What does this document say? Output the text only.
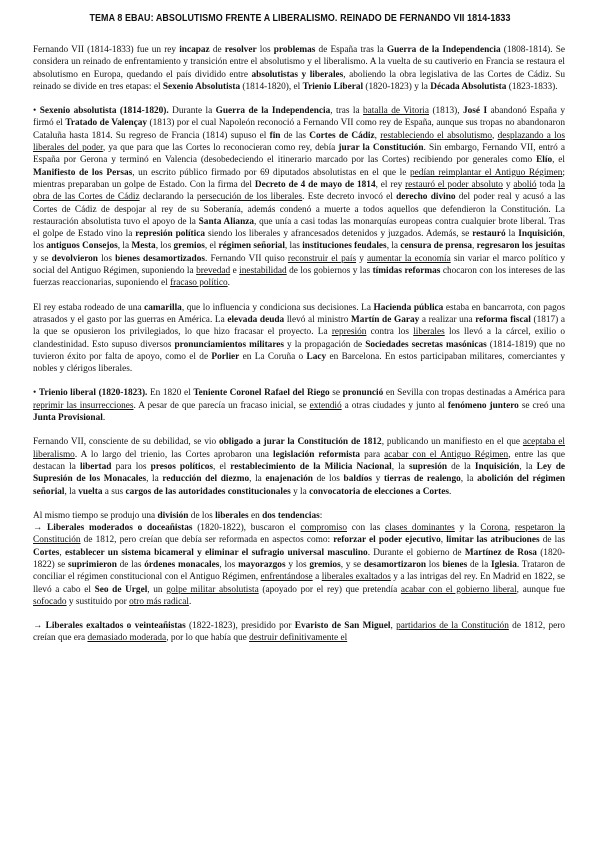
TEMA 8 EBAU: ABSOLUTISMO FRENTE A LIBERALISMO. REINADO DE FERNANDO VII 1814-1833

Fernando VII (1814-1833) fue un rey incapaz de resolver los problemas de España tras la Guerra de la Independencia (1808-1814). Se considera un reinado de enfrentamiento y transición entre el absolutismo y el liberalismo. A la vuelta de su cautiverio en Francia se restaura el absolutismo en Europa, quedando el país dividido entre absolutistas y liberales, aboliendo la obra legislativa de las Cortes de Cádiz. Su reinado se divide en tres etapas: el Sexenio Absolutista (1814-1820), el Trienio Liberal (1820-1823) y la Década Absolutista (1823-1833).

• Sexenio absolutista (1814-1820). Durante la Guerra de la Independencia, tras la batalla de Vitoria (1813), José I abandonó España y firmó el Tratado de Valençay (1813) por el cual Napoleón reconoció a Fernando VII como rey de España, aunque sus tropas no abandonaron Cataluña hasta 1814. Su regreso de Francia (1814) supuso el fin de las Cortes de Cádiz, restableciendo el absolutismo, desplazando a los liberales del poder, ya que para que las Cortes lo reconocieran como rey, debía jurar la Constitución. Sin embargo, Fernando VII, entró a España por Gerona y terminó en Valencia (desobedeciendo el itinerario marcado por las Cortes) recibiendo por generales como Elío, el Manifiesto de los Persas, un escrito público firmado por 69 diputados absolutistas en el que le pedían reimplantar el Antiguo Régimen; mientras preparaban un golpe de Estado. Con la firma del Decreto de 4 de mayo de 1814, el rey restauró el poder absoluto y abolió toda la obra de las Cortes de Cádiz declarando la persecución de los liberales. Este decreto invocó el derecho divino del poder real y acusó a las Cortes de Cádiz de despojar al rey de su Soberanía, además condenó a muerte a todos aquellos que defendieron la Constitución. La restauración absolutista tuvo el apoyo de la Santa Alianza, que unía a casi todas las monarquías europeas contra cualquier brote liberal. Tras el golpe de Estado vino la represión política siendo los liberales y afrancesados detenidos y juzgados. Además, se restauró la Inquisición, los antiguos Consejos, la Mesta, los gremios, el régimen señorial, las instituciones feudales, la censura de prensa, regresaron los jesuitas y se devolvieron los bienes desamortizados. Fernando VII quiso reconstruir el país y aumentar la economía sin variar el marco político y social del Antiguo Régimen, suponiendo la brevedad e inestabilidad de los gobiernos y las tímidas reformas chocaron con los intereses de las fuerzas reaccionarias, suponiendo el fracaso político.

El rey estaba rodeado de una camarilla, que lo influencia y condiciona sus decisiones. La Hacienda pública estaba en bancarrota, con pagos atrasados y el gasto por las guerras en América. La elevada deuda llevó al ministro Martín de Garay a realizar una reforma fiscal (1817) a la que se opusieron los privilegiados, lo que hizo fracasar el proyecto. La represión contra los liberales los llevó a la cárcel, exilio o clandestinidad. Esto supuso diversos pronunciamientos militares y la propagación de Sociedades secretas masónicas (1814-1819) que no tuvieron éxito por falta de apoyo, como el de Porlier en La Coruña o Lacy en Barcelona. En estos participaban militares, comerciantes y nobles y clérigos liberales.

• Trienio liberal (1820-1823). En 1820 el Teniente Coronel Rafael del Riego se pronunció en Sevilla con tropas destinadas a América para reprimir las insurrecciones. A pesar de que parecía un fracaso inicial, se extendió a otras ciudades y junto al fenómeno juntero se creó una Junta Provisional.

Fernando VII, consciente de su debilidad, se vio obligado a jurar la Constitución de 1812, publicando un manifiesto en el que aceptaba el liberalismo. A lo largo del trienio, las Cortes aprobaron una legislación reformista para acabar con el Antiguo Régimen, entre las que destacan la libertad para los presos políticos, el restablecimiento de la Milicia Nacional, la supresión de la Inquisición, la Ley de Supresión de los Monacales, la reducción del diezmo, la enajenación de los baldíos y tierras de realengo, la abolición del régimen señorial, la vuelta a sus cargos de las autoridades constitucionales y la convocatoria de elecciones a Cortes.

Al mismo tiempo se produjo una división de los liberales en dos tendencias:

→ Liberales moderados o doceañistas (1820-1822), buscaron el compromiso con las clases dominantes y la Corona, respetaron la Constitución de 1812, pero creían que debía ser reformada en aspectos como: reforzar el poder ejecutivo, limitar las atribuciones de las Cortes, establecer un sistema bicameral y eliminar el sufragio universal masculino. Durante el gobierno de Martínez de Rosa (1820-1822) se suprimieron de las órdenes monacales, los mayorazgos y los gremios, y se desamortizaron los bienes de la Iglesia. Trataron de conciliar el régimen constitucional con el Antiguo Régimen, enfrentándose a liberales exaltados y a las intrigas del rey. En Madrid en 1822, se llevó a cabo el Seo de Urgel, un golpe militar absolutista (apoyado por el rey) que pretendía acabar con el gobierno liberal, aunque fue sofocado y sustituido por otro más radical.

→ Liberales exaltados o veinteañistas (1822-1823), presidido por Evaristo de San Miguel, partidarios de la Constitución de 1812, pero creían que era demasiado moderada, por lo que había que destruir definitivamente el
